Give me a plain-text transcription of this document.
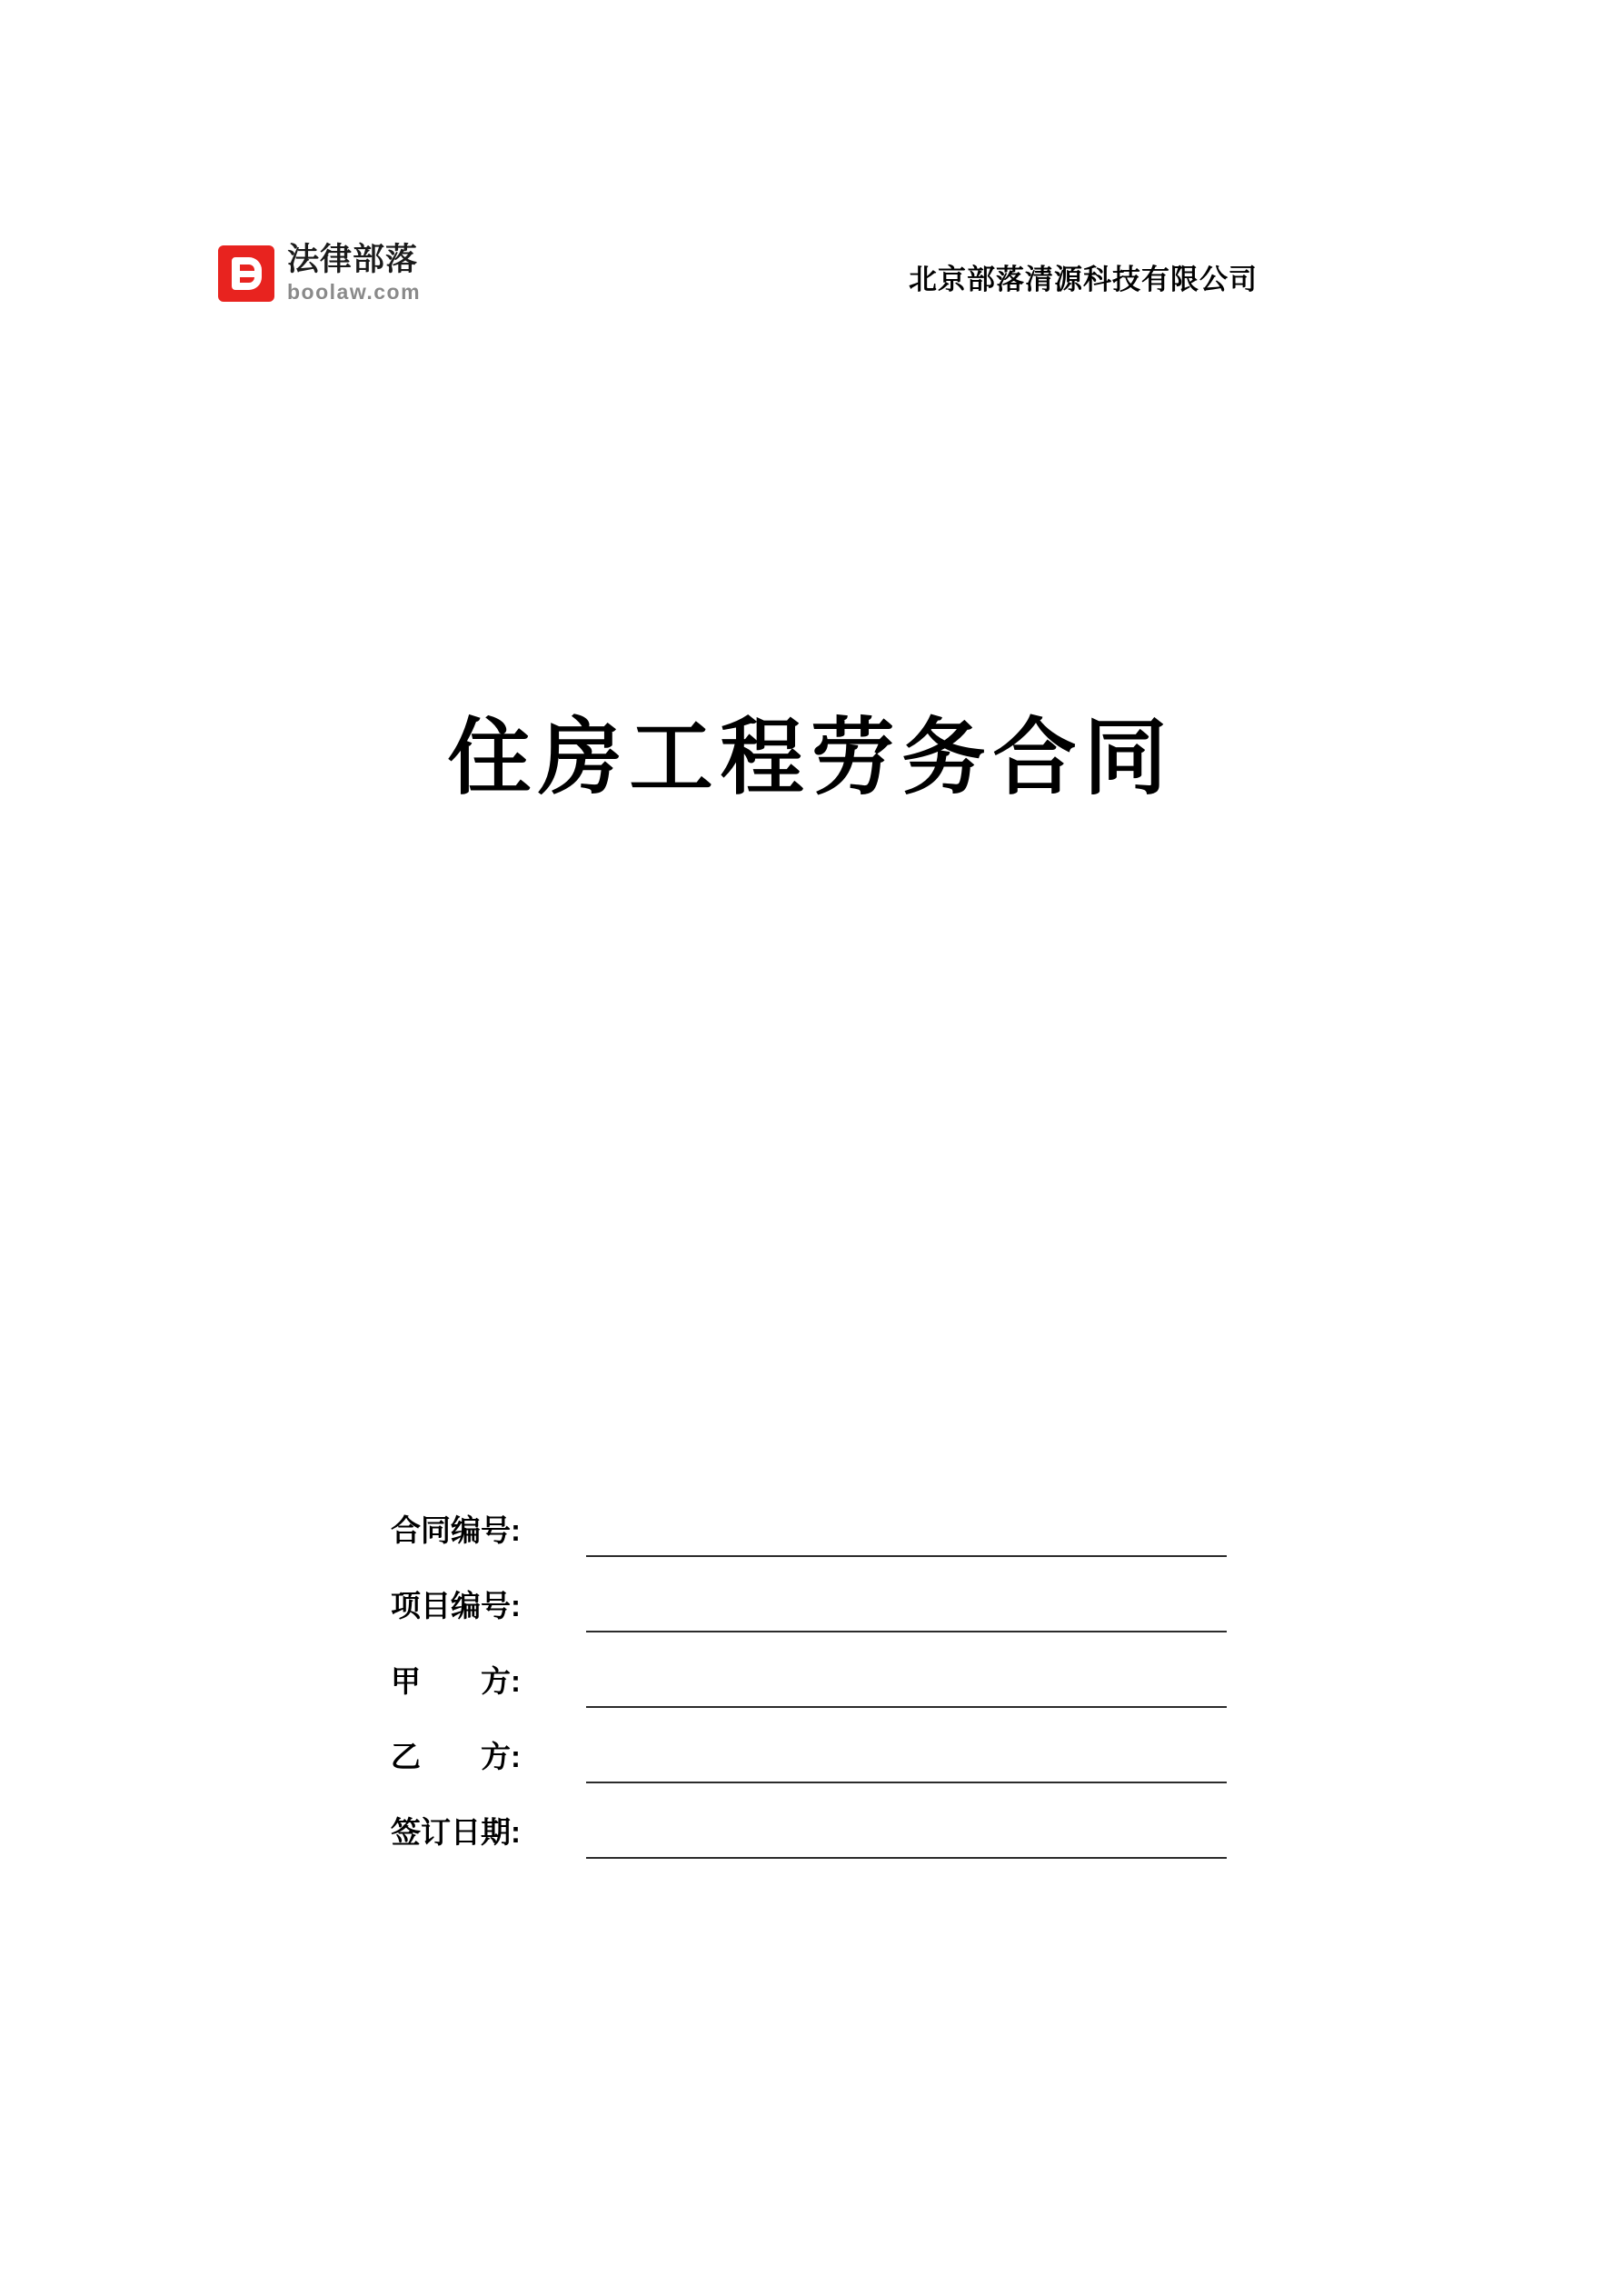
法律部落
boolaw.com	北京部落清源科技有限公司
住房工程劳务合同
合同编号:
项目编号:
甲　　方:
乙　　方:
签订日期:
